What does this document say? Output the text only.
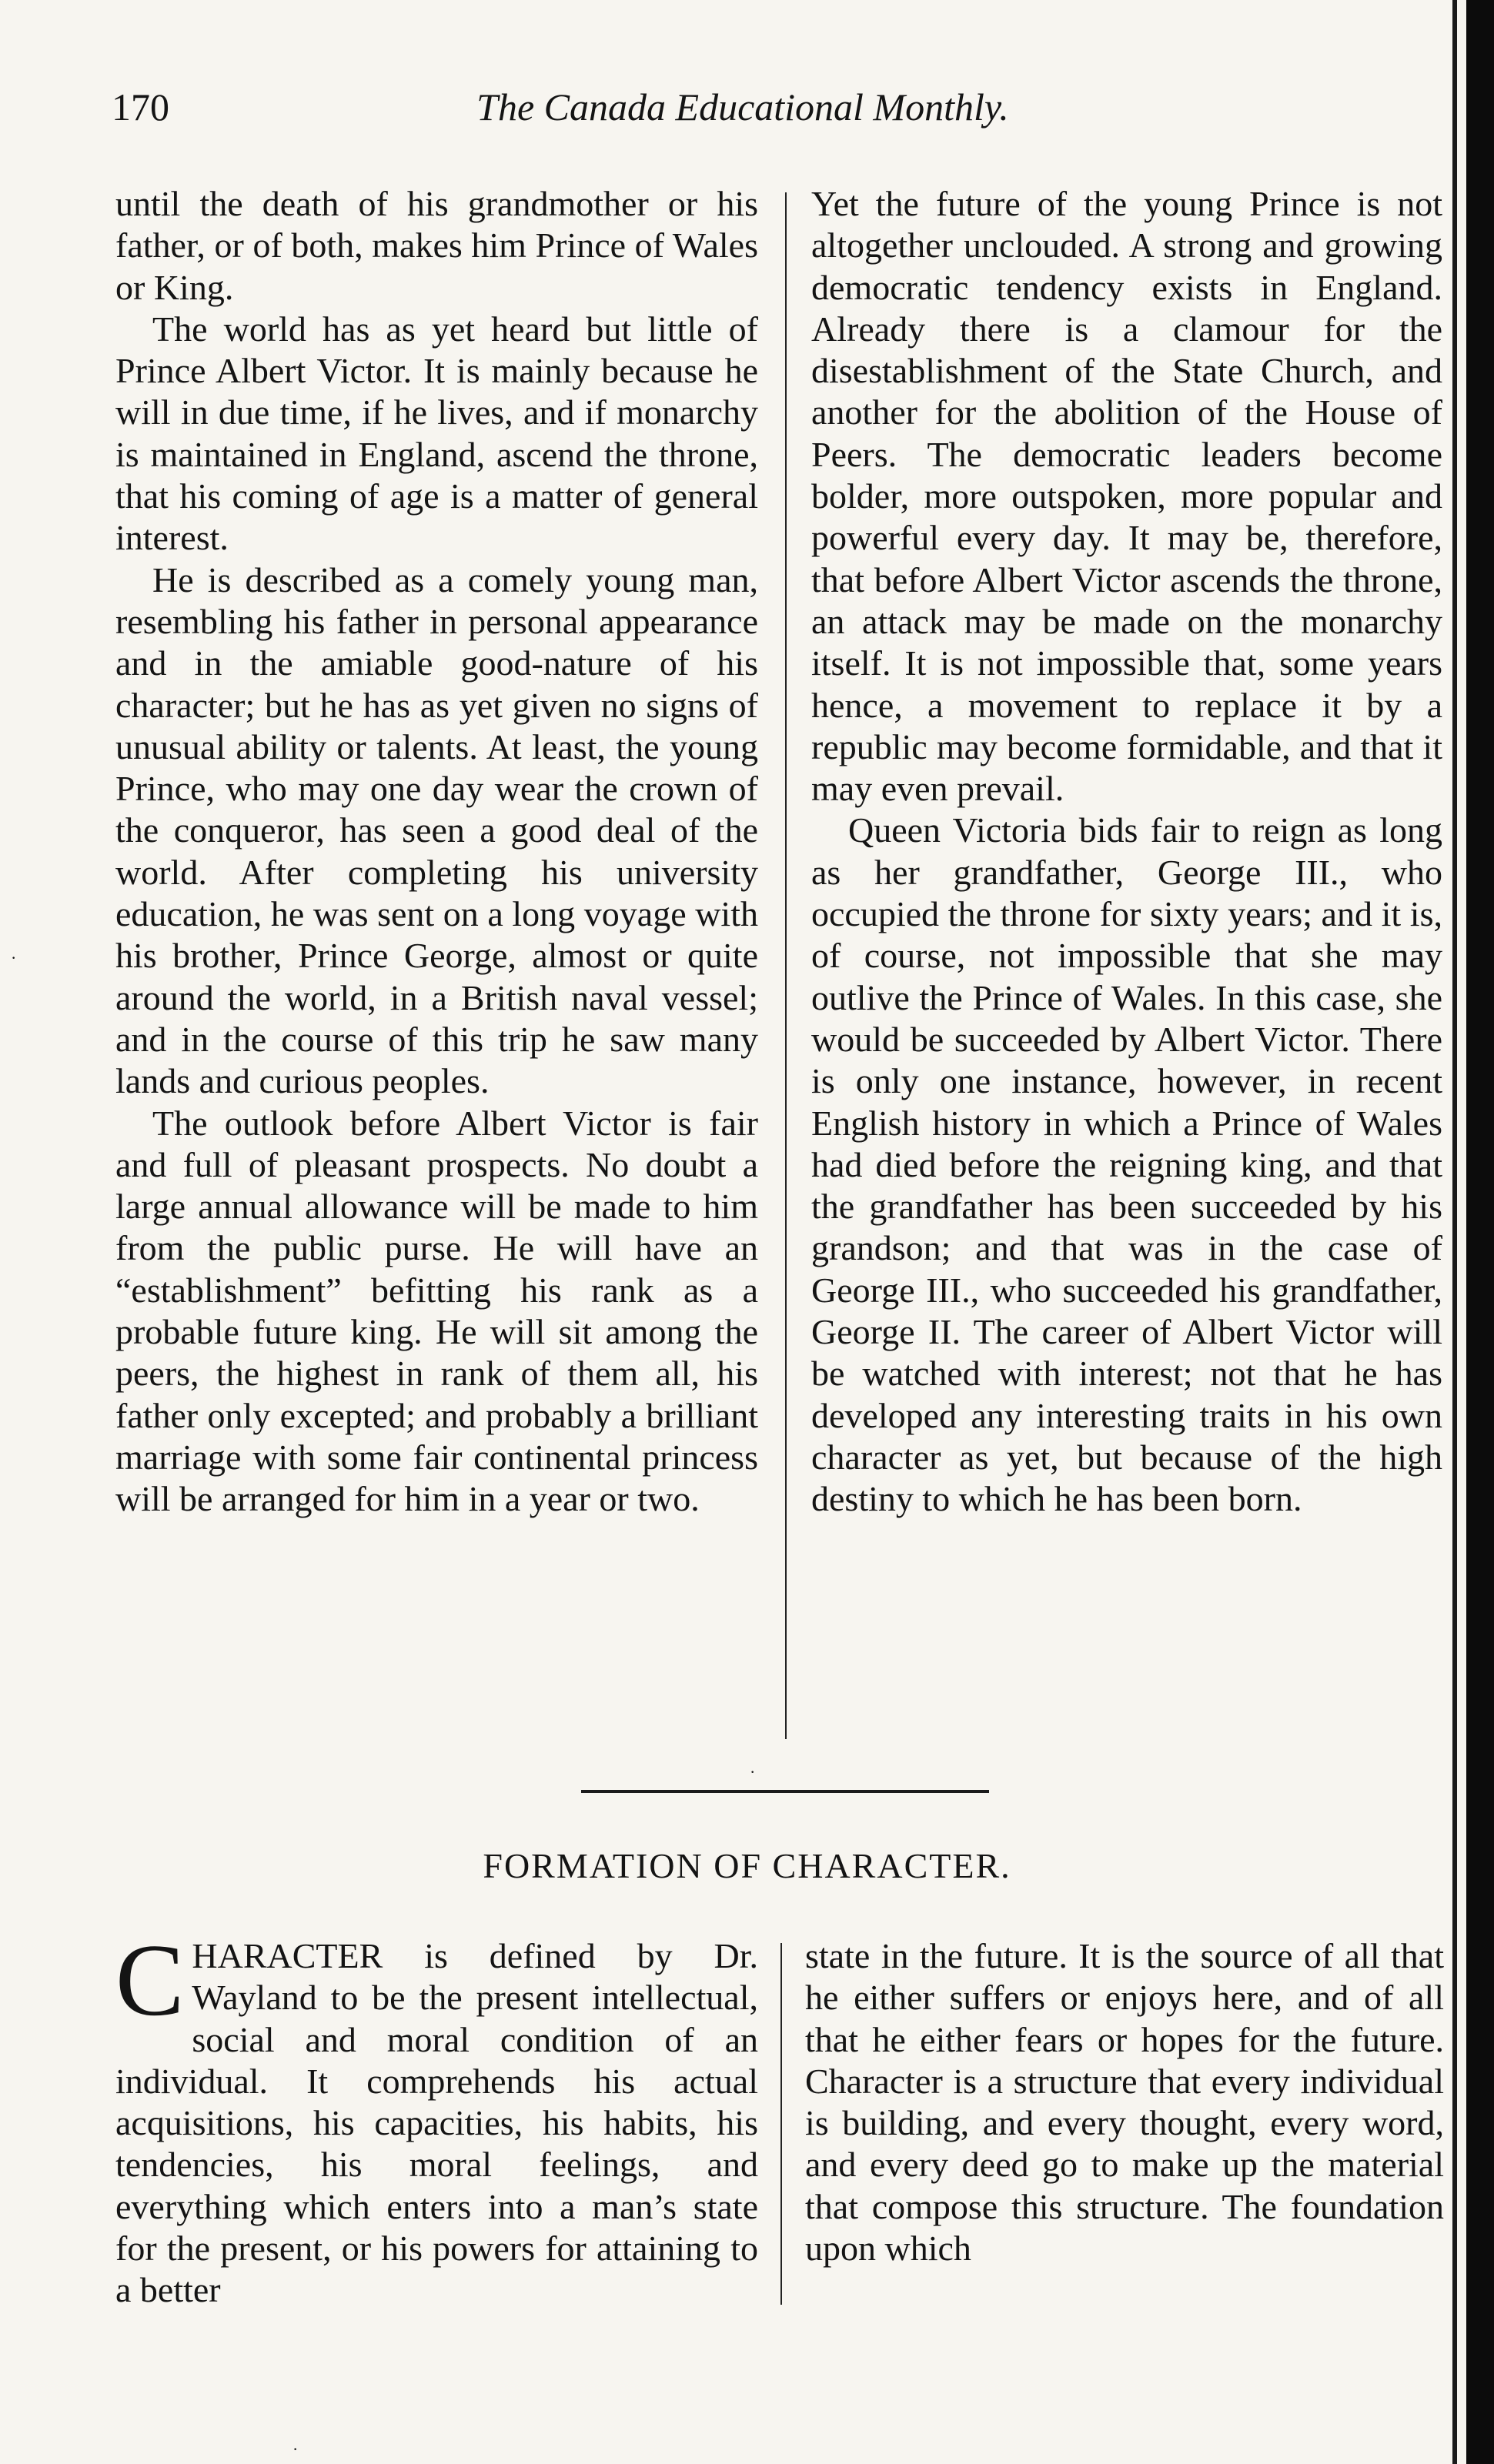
170	The Canada Educational Monthly.

until the death of his grandmother or his father, or of both, makes him Prince of Wales or King.

The world has as yet heard but little of Prince Albert Victor. It is mainly because he will in due time, if he lives, and if monarchy is maintained in England, ascend the throne, that his coming of age is a matter of general interest.

He is described as a comely young man, resembling his father in personal appearance and in the amiable good-nature of his character; but he has as yet given no signs of unusual ability or talents. At least, the young Prince, who may one day wear the crown of the conqueror, has seen a good deal of the world. After completing his university education, he was sent on a long voyage with his brother, Prince George, almost or quite around the world, in a British naval vessel; and in the course of this trip he saw many lands and curious peoples.

The outlook before Albert Victor is fair and full of pleasant prospects. No doubt a large annual allowance will be made to him from the public purse. He will have an “establishment” befitting his rank as a probable future king. He will sit among the peers, the highest in rank of them all, his father only excepted; and probably a brilliant marriage with some fair continental princess will be arranged for him in a year or two.

Yet the future of the young Prince is not altogether unclouded. A strong and growing democratic tendency exists in England. Already there is a clamour for the disestablishment of the State Church, and another for the abolition of the House of Peers. The democratic leaders become bolder, more outspoken, more popular and powerful every day. It may be, therefore, that before Albert Victor ascends the throne, an attack may be made on the monarchy itself. It is not impossible that, some years hence, a movement to replace it by a republic may become formidable, and that it may even prevail.

Queen Victoria bids fair to reign as long as her grandfather, George III., who occupied the throne for sixty years; and it is, of course, not impossible that she may outlive the Prince of Wales. In this case, she would be succeeded by Albert Victor. There is only one instance, however, in recent English history in which a Prince of Wales had died before the reigning king, and that the grandfather has been succeeded by his grandson; and that was in the case of George III., who succeeded his grandfather, George II. The career of Albert Victor will be watched with interest; not that he has developed any interesting traits in his own character as yet, but because of the high destiny to which he has been born.

FORMATION OF CHARACTER.

CHARACTER is defined by Dr. Wayland to be the present intellectual, social and moral condition of an individual. It comprehends his actual acquisitions, his capacities, his habits, his tendencies, his moral feelings, and everything which enters into a man’s state for the present, or his powers for attaining to a better

state in the future. It is the source of all that he either suffers or enjoys here, and of all that he either fears or hopes for the future. Character is a structure that every individual is building, and every thought, every word, and every deed go to make up the material that compose this structure. The foundation upon which

·
·
·
